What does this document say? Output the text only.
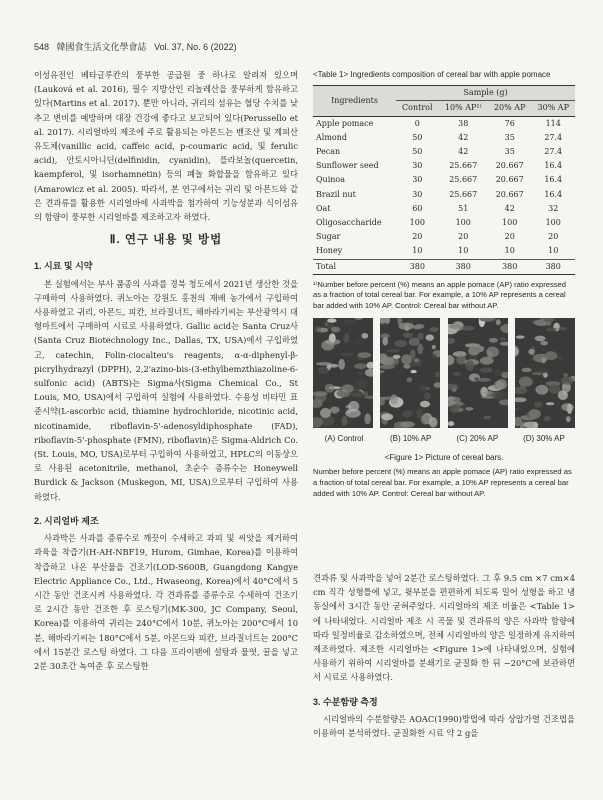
548 韓國食生活文化學會誌 Vol. 37, No. 6 (2022)

이성유전인 베타글루칸의 풍부한 공급원 중 하나로 알려져 있으며(Lauková et al. 2016), 필수 지방산인 리놀레산을 풍부하게 함유하고 있다(Martins et al. 2017). 뿐만 아니라, 귀리의 섬유는 혈당 수치를 낮추고 변비를 예방하며 대장 건강에 좋다고 보고되어 있다(Perussello et al. 2017). 시리얼바의 제조에 주로 활용되는 아몬드는 벤조산 및 계피산 유도체(vanillic acid, caffeic acid, p-coumaric acid, 및 ferulic acid), 안토시아니딘(delfinidin, cyanidin), 플라보놀(quercetin, kaempferol, 및 isorhamnetin) 등의 폐놀 화합물을 함유하고 있다(Amarowicz et al. 2005). 따라서, 본 연구에서는 귀리 및 아몬드와 같은 견과류를 활용한 시리얼바에 사과박을 첨가하여 기능성분과 식이섬유의 함량이 풍부한 시리얼바를 제조하고자 하였다.

Ⅱ. 연구 내용 및 방법
1. 시료 및 시약

본 실험에서는 부사 품종의 사과를 경북 청도에서 2021년 생산한 것을 구매하여 사용하였다. 퀴노아는 강원도 홍천의 재배 농가에서 구입하여 사용하였고 귀리, 아몬드, 피칸, 브라질너트, 해바라기씨는 부산광역시 대형마트에서 구매하여 시료로 사용하였다. Gallic acid는 Santa Cruz사(Santa Cruz Biotechnology Inc., Dallas, TX, USA)에서 구입하였고, catechin, Folin-ciocalteu's reagents, α-α-diphenyl-β-picrylhydrazyl (DPPH), 2,2'azino-bis-(3-ethylbemzthiazoline-6-sulfonic acid) (ABTS)는 Sigma사(Sigma Chemical Co., St Louis, MO, USA)에서 구입하여 실험에 사용하였다. 수용성 비타민 표준시약(L-ascorbic acid, thiamine hydrochloride, nicotinic acid, nicotinamide, riboflavin-5'-adenosyldiphosphate (FAD), riboflavin-5'-phosphate (FMN), riboflavin)은 Sigma-Aldrich Co. (St. Louis, MO, USA)로부터 구입하여 사용하였고, HPLC의 이동상으로 사용된 acetonitrile, methanol, 초순수 증류수는 Honeywell Burdick & Jackson (Muskegon, MI, USA)으로부터 구입하여 사용하였다.

2. 시리얼바 제조

사과박은 사과를 증류수로 깨끗이 수세하고 과피 및 씨앗을 제거하여 과육을 착즙기(H-AH-NBF19, Hurom, Gimhae, Korea)를 이용하여 착즙하고 나온 부산물을 건조기(LOD-S600B, Guangdong Kangye Electric Appliance Co., Ltd., Hwaseong, Korea)에서 40°C에서 5시간 동안 건조시켜 사용하였다. 각 견과류를 증류수로 수세하여 건조기로 2시간 동안 건조한 후 로스팅기(MK-300, JC Company, Seoul, Korea)를 이용하여 귀리는 240°C에서 10분, 퀴노아는 200°C에서 10분, 해바라기씨는 180°C에서 5분, 아몬드와 피칸, 브라질너트는 200°C에서 15분간 로스팅 하였다. 그 다음 프라이팬에 설탕과 물엿, 꿀을 넣고 2분 30초간 녹여준 후 로스팅한

<Table 1> Ingredients composition of cereal bar with apple pomace
Ingredients	Sample (g)			
	Control	10% AP¹⁾	20% AP	30% AP
Apple pomace	0	38	76	114
Almond	50	42	35	27.4
Pecan	50	42	35	27.4
Sunflower seed	30	25.667	20.667	16.4
Quinoa	30	25.667	20.667	16.4
Brazil nut	30	25.667	20.667	16.4
Oat	60	51	42	32
Oligosaccharide	100	100	100	100
Sugar	20	20	20	20
Honey	10	10	10	10
Total	380	380	380	380
¹⁾Number before percent (%) means an apple pomace (AP) ratio expressed as a fraction of total cereal bar. For example, a 10% AP represents a cereal bar added with 10% AP. Control: Cereal bar without AP.
(A) Control	(B) 10% AP	(C) 20% AP	(D) 30% AP
<Figure 1> Picture of cereal bars.
Number before percent (%) means an apple pomace (AP) ratio expressed as a fraction of total cereal bar. For example, a 10% AP represents a cereal bar added with 10% AP. Control: Cereal bar without AP.

견과류 및 사과박을 넣어 2분간 로스팅하였다. 그 후 9.5 cm ×7 cm×4 cm 직각 성형틀에 넣고, 윗부분을 편편하게 되도록 밀어 성형을 하고 냉동실에서 3시간 동안 굳혀주었다. 시리얼바의 제조 비율은 <Table 1>에 나타내었다. 시리얼바 제조 시 곡물 및 견과류의 양은 사과박 함량에 따라 일정비율로 감소하였으며, 전체 시리얼바의 양은 일정하게 유지하여 제조하였다. 제조한 시리얼바는 <Figure 1>에 나타내었으며, 실험에 사용하기 위하여 시리얼바를 분쇄기로 균질화 한 뒤 −20°C에 보관하면서 시료로 사용하였다.

3. 수분함량 측정

시리얼바의 수분함량은 AOAC(1990)방법에 따라 상압가열 건조법을 이용하여 분석하였다. 균질화한 시료 약 2 g을
